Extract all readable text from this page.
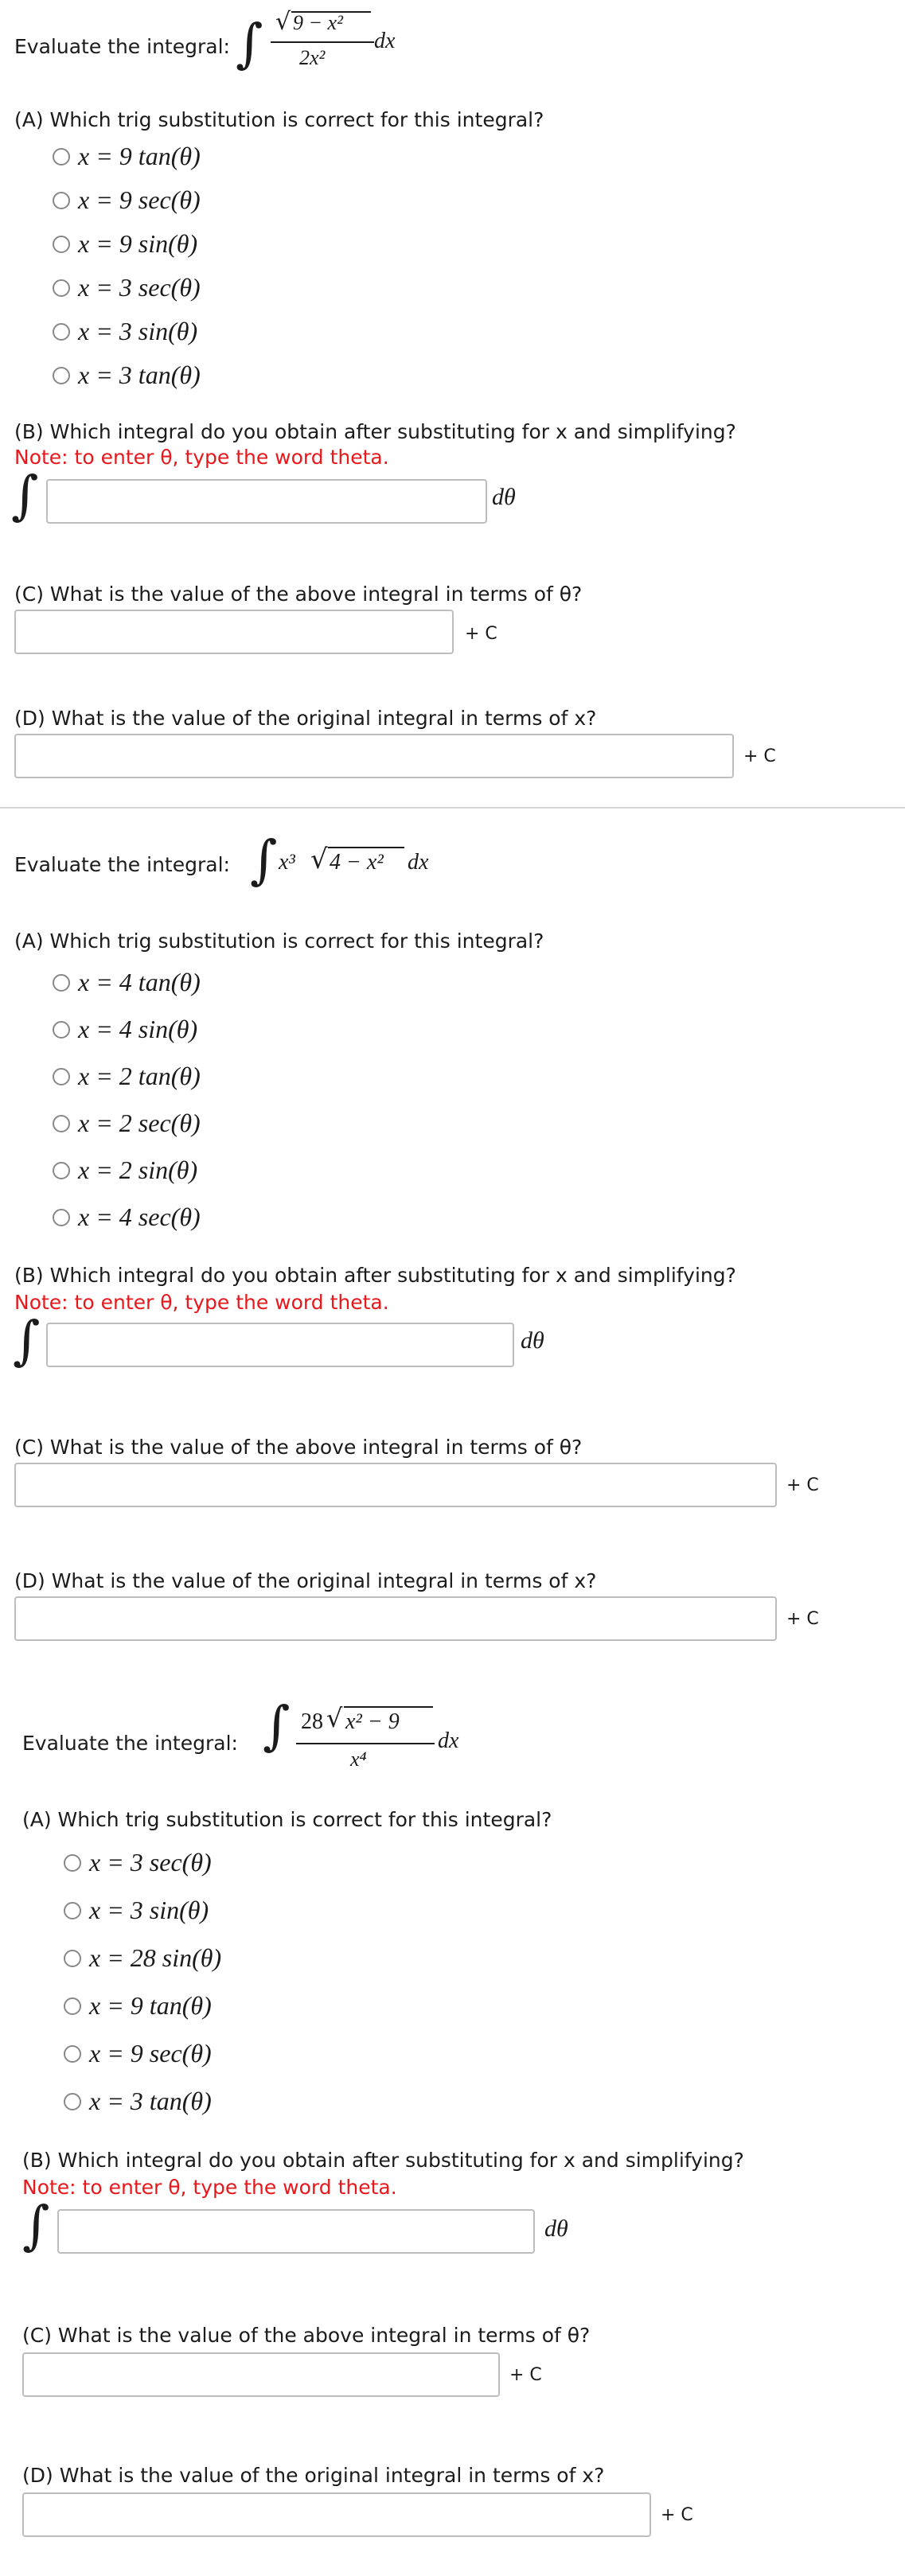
Evaluate the integral: ∫ √ 9 − x²
2x²
dx
(A) Which trig substitution is correct for this integral?
x = 9 tan(θ)
x = 9 sec(θ)
x = 9 sin(θ)
x = 3 sec(θ)
x = 3 sin(θ)
x = 3 tan(θ)
(B) Which integral do you obtain after substituting for x and simplifying?
Note: to enter θ, type the word theta.
∫	dθ
(C) What is the value of the above integral in terms of θ?
+ C
(D) What is the value of the original integral in terms of x?
+ C
Evaluate the integral: ∫ x³ √ 4 − x² dx
(A) Which trig substitution is correct for this integral?
x = 4 tan(θ)
x = 4 sin(θ)
x = 2 tan(θ)
x = 2 sec(θ)
x = 2 sin(θ)
x = 4 sec(θ)
(B) Which integral do you obtain after substituting for x and simplifying?
Note: to enter θ, type the word theta.
∫	dθ
(C) What is the value of the above integral in terms of θ?
+ C
(D) What is the value of the original integral in terms of x?
+ C
Evaluate the integral: ∫ 28 √ x² − 9
x⁴
dx
(A) Which trig substitution is correct for this integral?
x = 3 sec(θ)
x = 3 sin(θ)
x = 28 sin(θ)
x = 9 tan(θ)
x = 9 sec(θ)
x = 3 tan(θ)
(B) Which integral do you obtain after substituting for x and simplifying?
Note: to enter θ, type the word theta.
∫	dθ
(C) What is the value of the above integral in terms of θ?
+ C
(D) What is the value of the original integral in terms of x?
+ C
